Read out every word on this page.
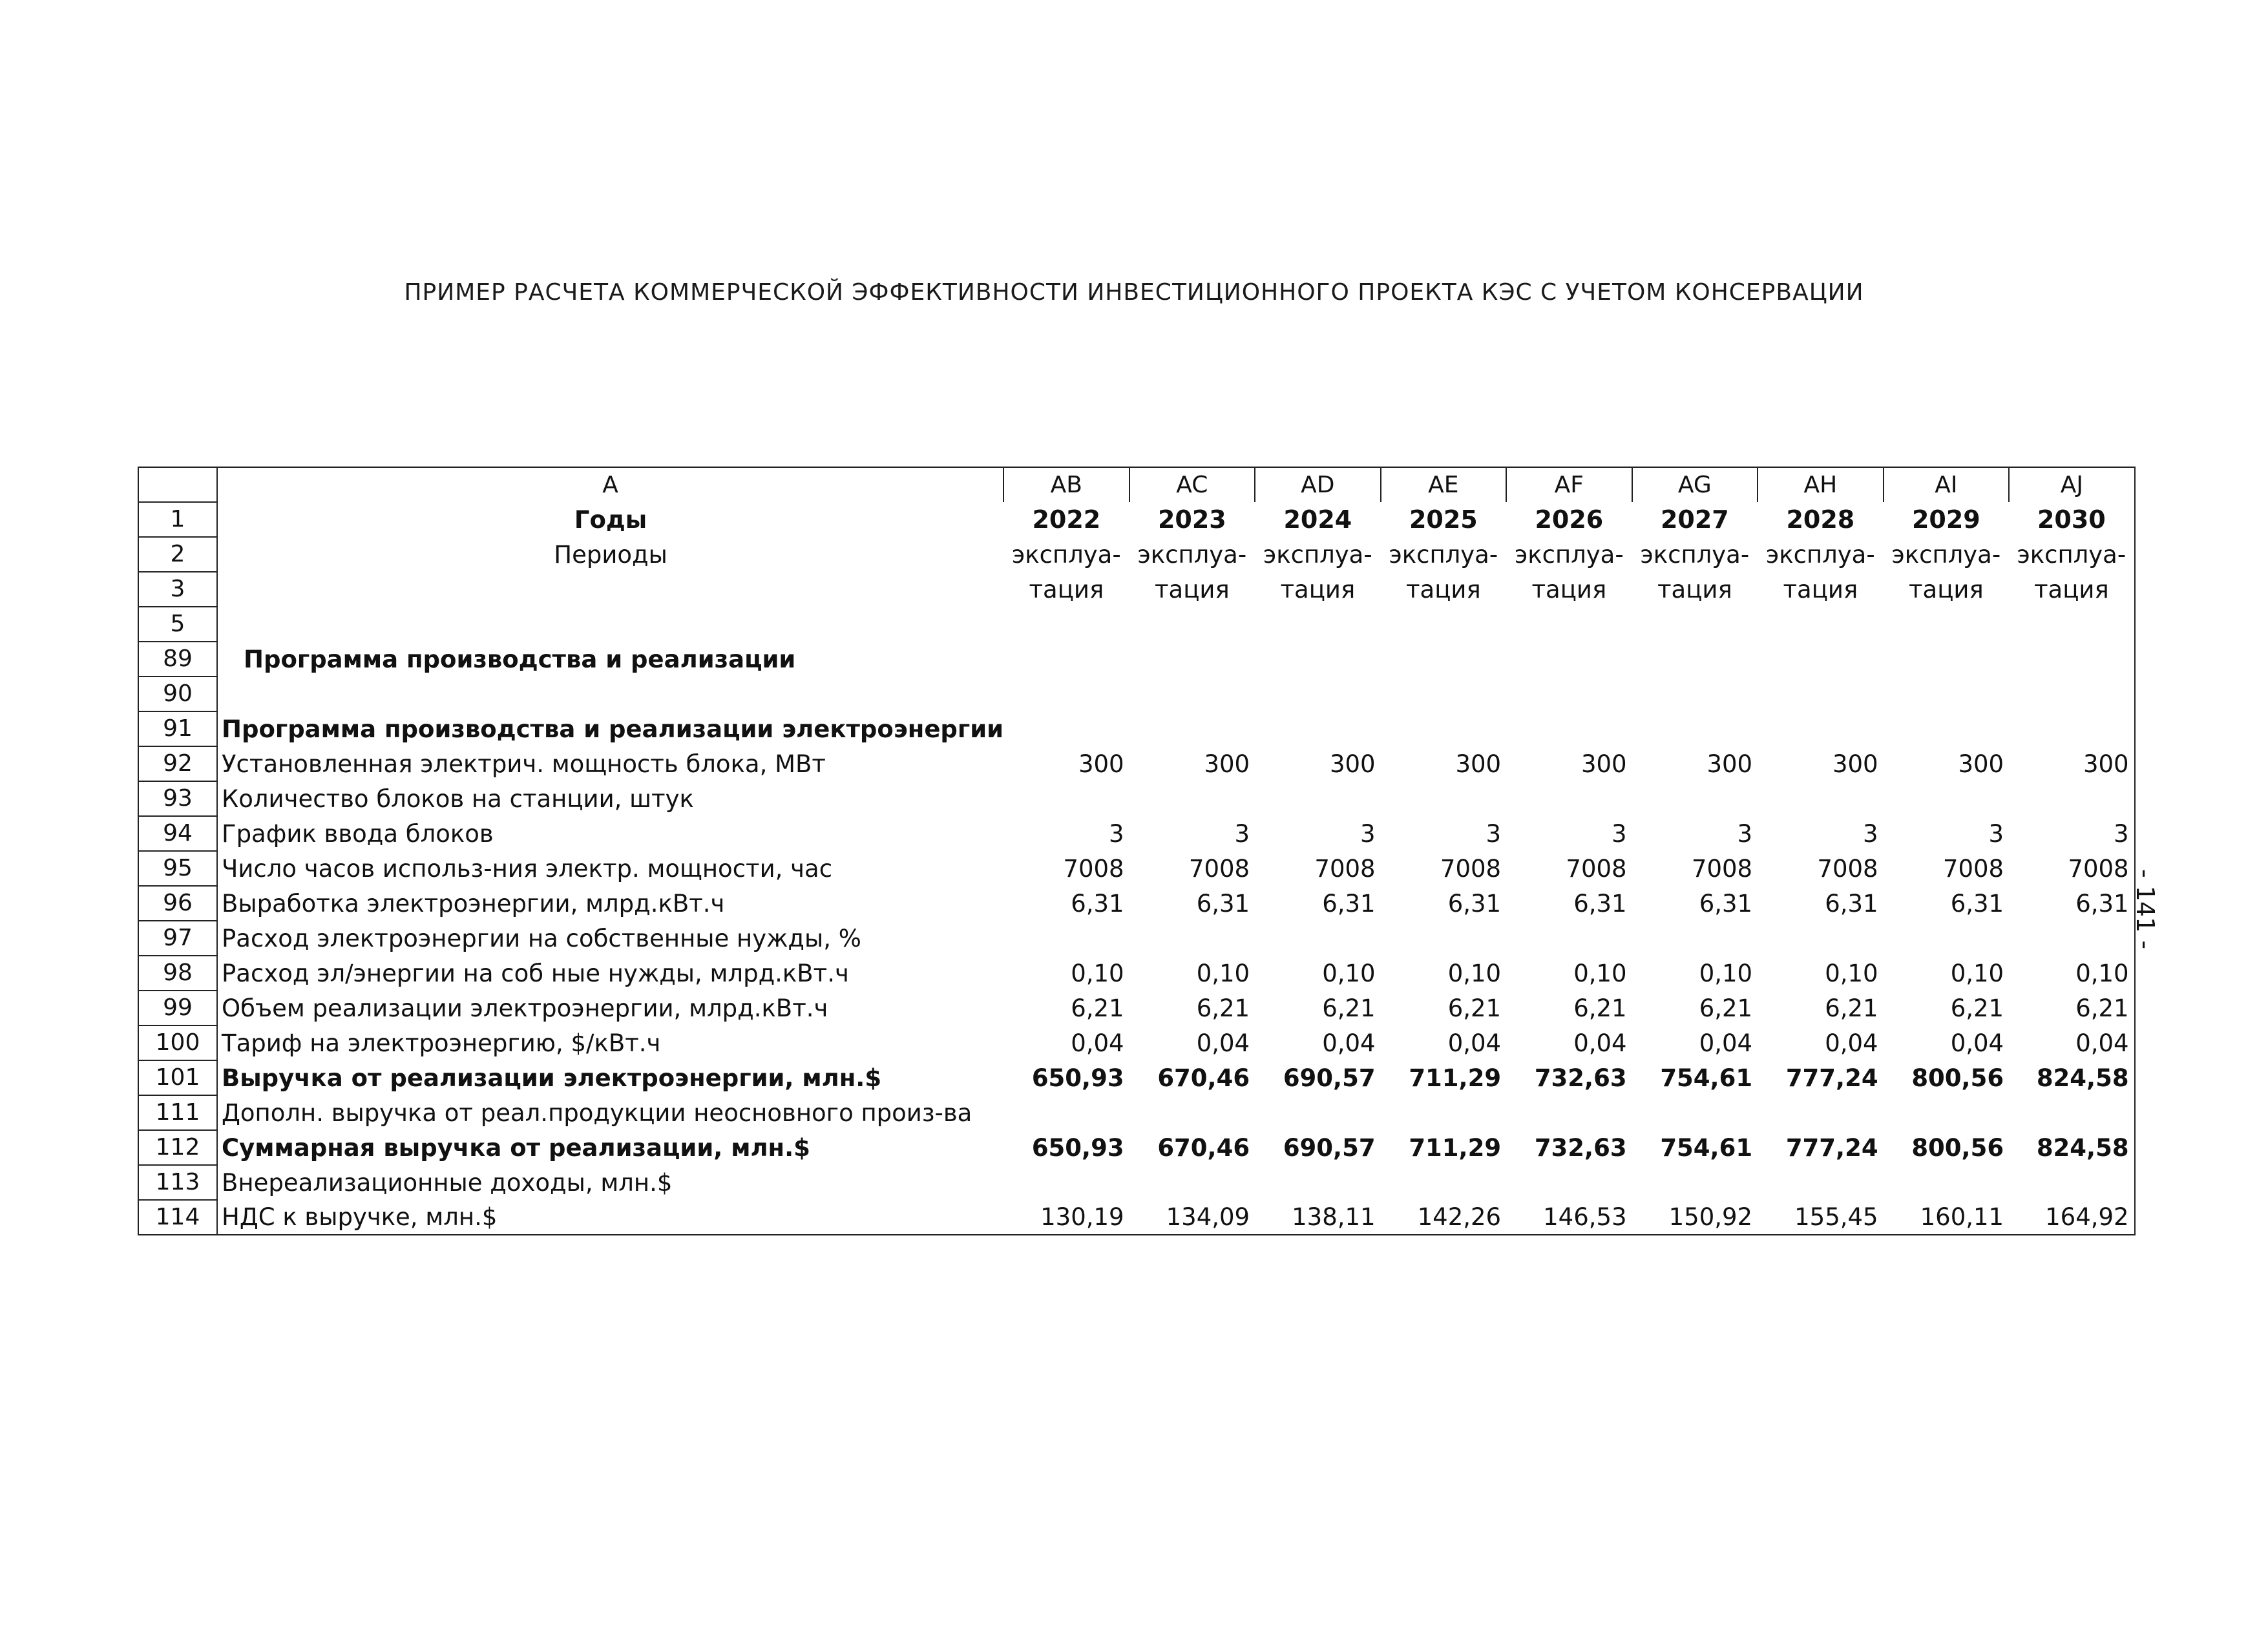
ПРИМЕР РАСЧЕТА КОММЕРЧЕСКОЙ ЭФФЕКТИВНОСТИ ИНВЕСТИЦИОННОГО ПРОЕКТА КЭС С УЧЕТОМ КОНСЕРВАЦИИ
	A	AB	AC	AD	AE	AF	AG	AH	AI	AJ
1	Годы	2022	2023	2024	2025	2026	2027	2028	2029	2030
2	Периоды	эксплуа-	эксплуа-	эксплуа-	эксплуа-	эксплуа-	эксплуа-	эксплуа-	эксплуа-	эксплуа-
3		тация	тация	тация	тация	тация	тация	тация	тация	тация
5										
89	Программа производства и реализации									
90										
91	Программа производства и реализации электроэнергии									
92	Установленная электрич. мощность блока, МВт	300	300	300	300	300	300	300	300	300
93	Количество блоков на станции, штук									
94	График ввода блоков	3	3	3	3	3	3	3	3	3
95	Число часов использ-ния электр. мощности, час	7008	7008	7008	7008	7008	7008	7008	7008	7008
96	Выработка электроэнергии, млрд.кВт.ч	6,31	6,31	6,31	6,31	6,31	6,31	6,31	6,31	6,31
97	Расход электроэнергии на собственные нужды, %									
98	Расход эл/энергии на соб ные нужды, млрд.кВт.ч	0,10	0,10	0,10	0,10	0,10	0,10	0,10	0,10	0,10
99	Объем реализации электроэнергии, млрд.кВт.ч	6,21	6,21	6,21	6,21	6,21	6,21	6,21	6,21	6,21
100	Тариф на электроэнергию, $/кВт.ч	0,04	0,04	0,04	0,04	0,04	0,04	0,04	0,04	0,04
101	Выручка от реализации электроэнергии, млн.$	650,93	670,46	690,57	711,29	732,63	754,61	777,24	800,56	824,58
111	Дополн. выручка от реал.продукции неосновного произ-ва									
112	Суммарная выручка от реализации, млн.$	650,93	670,46	690,57	711,29	732,63	754,61	777,24	800,56	824,58
113	Внереализационные доходы, млн.$									
114	НДС к выручке, млн.$	130,19	134,09	138,11	142,26	146,53	150,92	155,45	160,11	164,92
- 141 -
